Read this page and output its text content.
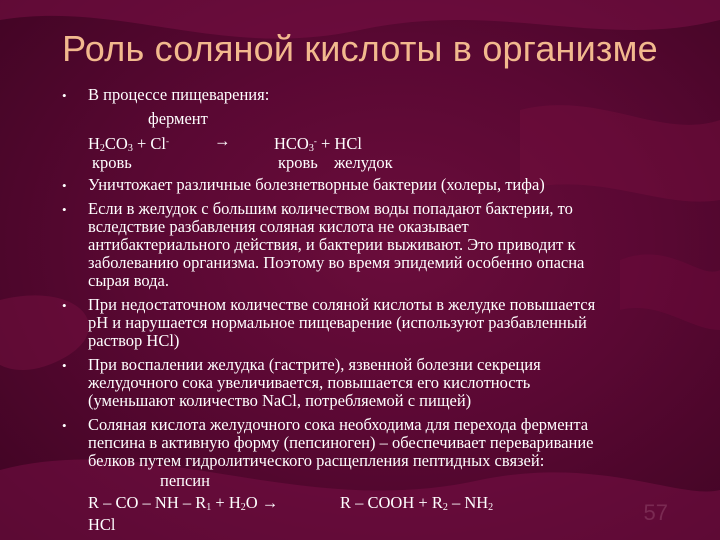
Роль соляной кислоты в организме
• В процессе пищеварения:
фермент
$H_2CO_3 + Cl^-$	→	$HCO_3^-$ + HCl
кровь	кровь желудок
• Уничтожает различные болезнетворные бактерии (холеры, тифа)
• Если в желудок с большим количеством воды попадают бактерии, то
вследствие разбавления соляная кислота не оказывает
антибактериального действия, и бактерии выживают. Это приводит к
заболеванию организма. Поэтому во время эпидемий особенно опасна
сырая вода.
• При недостаточном количестве соляной кислоты в желудке повышается
pH и нарушается нормальное пищеварение (используют разбавленный
раствор HCl)
• При воспалении желудка (гастрите), язвенной болезни секреция
желудочного сока увеличивается, повышается его кислотность
(уменьшают количество NaCl, потребляемой с пищей)
• Соляная кислота желудочного сока необходима для перехода фермента
пепсина в активную форму (пепсиноген) – обеспечивает переваривание
белков путем гидролитического расщепления пептидных связей:
пепсин
R – CO – NH – $R_1 + H_2O$ →	R – COOH + $R_2 - NH_2$
HCl	57
